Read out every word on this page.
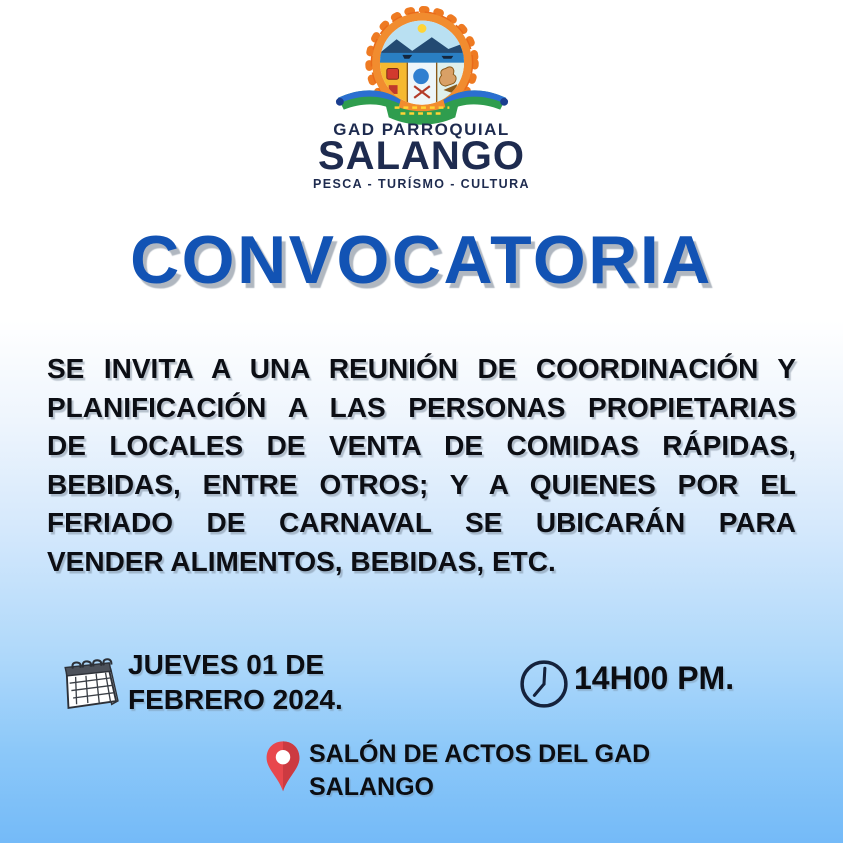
GAD PARROQUIAL
SALANGO
PESCA - TURÍSMO - CULTURA
CONVOCATORIA
SE INVITA A UNA REUNIÓN DE COORDINACIÓN Y
PLANIFICACIÓN A LAS PERSONAS PROPIETARIAS
DE LOCALES DE VENTA DE COMIDAS RÁPIDAS,
BEBIDAS, ENTRE OTROS; Y A QUIENES POR EL
FERIADO DE CARNAVAL SE UBICARÁN PARA
VENDER ALIMENTOS, BEBIDAS, ETC.
JUEVES 01 DE
FEBRERO 2024.
14H00 PM.
SALÓN DE ACTOS DEL GAD
SALANGO
